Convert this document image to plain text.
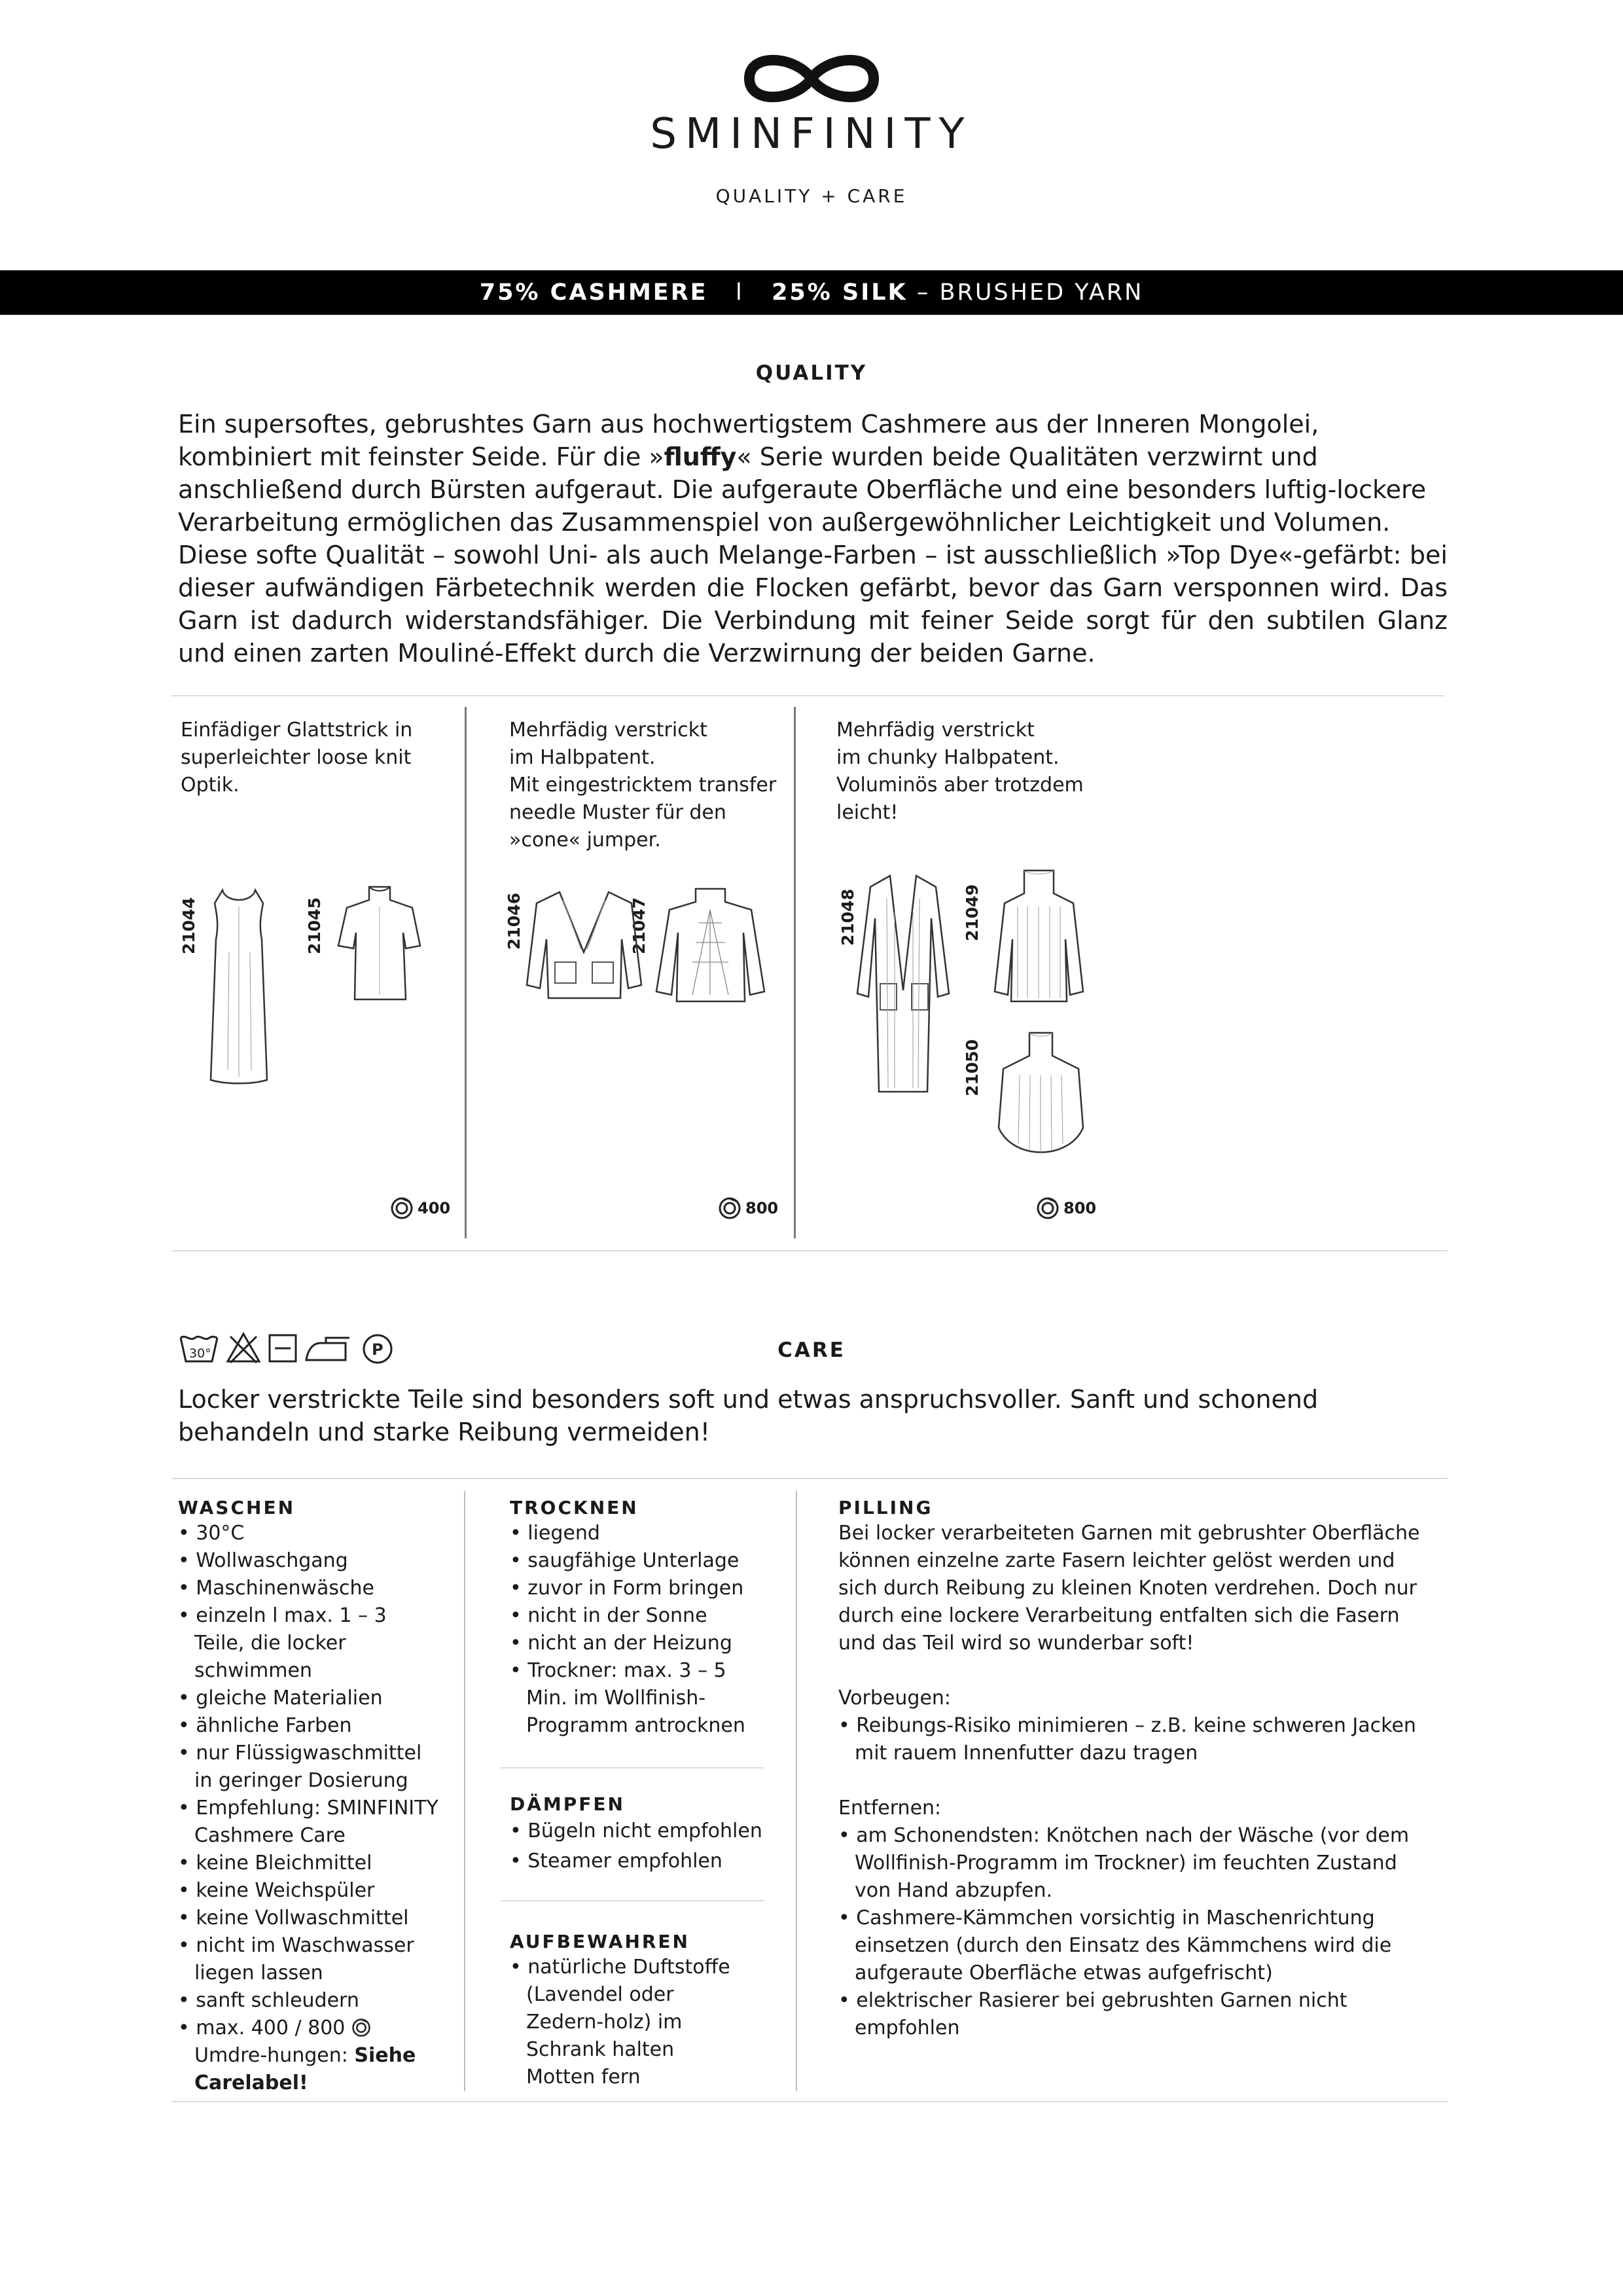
SMINFINITY
QUALITY + CARE
75% CASHMERE l 25% SILK – BRUSHED YARN
QUALITY

Ein supersoftes, gebrushtes Garn aus hochwertigstem Cashmere aus der Inneren Mongolei, kombiniert mit feinster Seide. Für die »fluffy« Serie wurden beide Qualitäten verzwirnt und anschließend durch Bürsten aufgeraut. Die aufgeraute Oberfläche und eine besonders luftig-lockere Verarbeitung ermöglichen das Zusammenspiel von außergewöhnlicher Leichtigkeit und Volumen.

Diese softe Qualität – sowohl Uni- als auch Melange-Farben – ist ausschließlich »Top Dye«-gefärbt: bei dieser aufwändigen Färbetechnik werden die Flocken gefärbt, bevor das Garn versponnen wird. Das Garn ist dadurch widerstandsfähiger. Die Verbindung mit feiner Seide sorgt für den subtilen Glanz und einen zarten Mouliné-Effekt durch die Verzwirnung der beiden Garne.

Einfädiger Glattstrick in
superleichter loose knit
Optik.
Mehrfädig verstrickt
im Halbpatent.
Mit eingestricktem transfer
needle Muster für den
»cone« jumper.
Mehrfädig verstrickt
im chunky Halbpatent.
Voluminös aber trotzdem
leicht!
21044	21045	21046	21047	21048	21049
21050
400	800	800
30°	P	CARE
Locker verstrickte Teile sind besonders soft und etwas anspruchsvoller. Sanft und schonend behandeln und starke Reibung vermeiden!
WASCHEN
• 30°C
• Wollwaschgang
• Maschinenwäsche
• einzeln l max. 1 – 3 Teile, die locker schwimmen
• gleiche Materialien
• ähnliche Farben
• nur Flüssigwaschmittel in geringer Dosierung
• Empfehlung: SMINFINITY Cashmere Care
• keine Bleichmittel
• keine Weichspüler
• keine Vollwaschmittel
• nicht im Waschwasser liegen lassen
• sanft schleudern
• max. 400 / 800  Umdre-hungen: Siehe Carelabel!
TROCKNEN
• liegend
• saugfähige Unterlage
• zuvor in Form bringen
• nicht in der Sonne
• nicht an der Heizung
• Trockner: max. 3 – 5 Min. im Wollfinish-Programm antrocknen
DÄMPFEN
• Bügeln nicht empfohlen
• Steamer empfohlen
AUFBEWAHREN
• natürliche Duftstoffe (Lavendel oder Zedern-holz) im Schrank halten Motten fern
PILLING
Bei locker verarbeiteten Garnen mit gebrushter Oberfläche können einzelne zarte Fasern leichter gelöst werden und sich durch Reibung zu kleinen Knoten verdrehen. Doch nur durch eine lockere Verarbeitung entfalten sich die Fasern und das Teil wird so wunderbar soft!
Vorbeugen:
• Reibungs-Risiko minimieren – z.B. keine schweren Jacken mit rauem Innenfutter dazu tragen
Entfernen:
• am Schonendsten: Knötchen nach der Wäsche (vor dem Wollfinish-Programm im Trockner) im feuchten Zustand von Hand abzupfen.
• Cashmere-Kämmchen vorsichtig in Maschenrichtung einsetzen (durch den Einsatz des Kämmchens wird die aufgeraute Oberfläche etwas aufgefrischt)
• elektrischer Rasierer bei gebrushten Garnen nicht empfohlen
